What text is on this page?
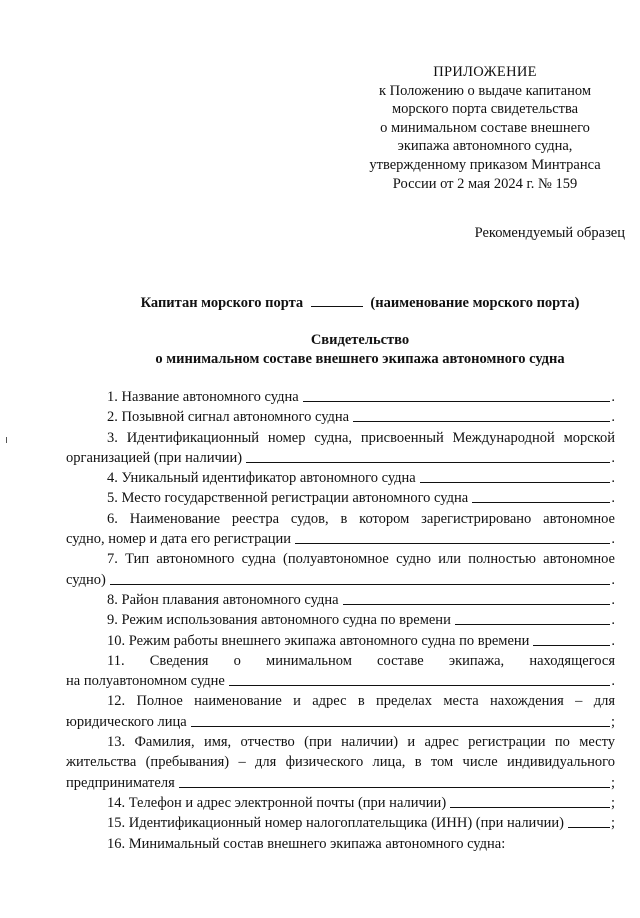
ПРИЛОЖЕНИЕ
к Положению о выдаче капитаном
морского порта свидетельства
о минимальном составе внешнего
экипажа автономного судна,
утвержденному приказом Минтранса
России от 2 мая 2024 г. № 159
Рекомендуемый образец
Капитан морского порта	(наименование морского порта)
Свидетельство
о минимальном составе внешнего экипажа автономного судна
1. Название автономного судна	.
2. Позывной сигнал автономного судна	.
3. Идентификационный номер судна, присвоенный Международной морской
организацией (при наличии)	.
4. Уникальный идентификатор автономного судна	.
5. Место государственной регистрации автономного судна	.
6. Наименование реестра судов, в котором зарегистрировано автономное
судно, номер и дата его регистрации	.
7. Тип автономного судна (полуавтономное судно или полностью автономное
судно)	.
8. Район плавания автономного судна	.
9. Режим использования автономного судна по времени	.
10. Режим работы внешнего экипажа автономного судна по времени	.
11. Сведения о минимальном составе экипажа, находящегося
на полуавтономном судне	.
12. Полное наименование и адрес в пределах места нахождения – для
юридического лица	;
13. Фамилия, имя, отчество (при наличии) и адрес регистрации по месту
жительства (пребывания) – для физического лица, в том числе индивидуального
предпринимателя	;
14. Телефон и адрес электронной почты (при наличии)	;
15. Идентификационный номер налогоплательщика (ИНН) (при наличии)	;
16. Минимальный состав внешнего экипажа автономного судна:
